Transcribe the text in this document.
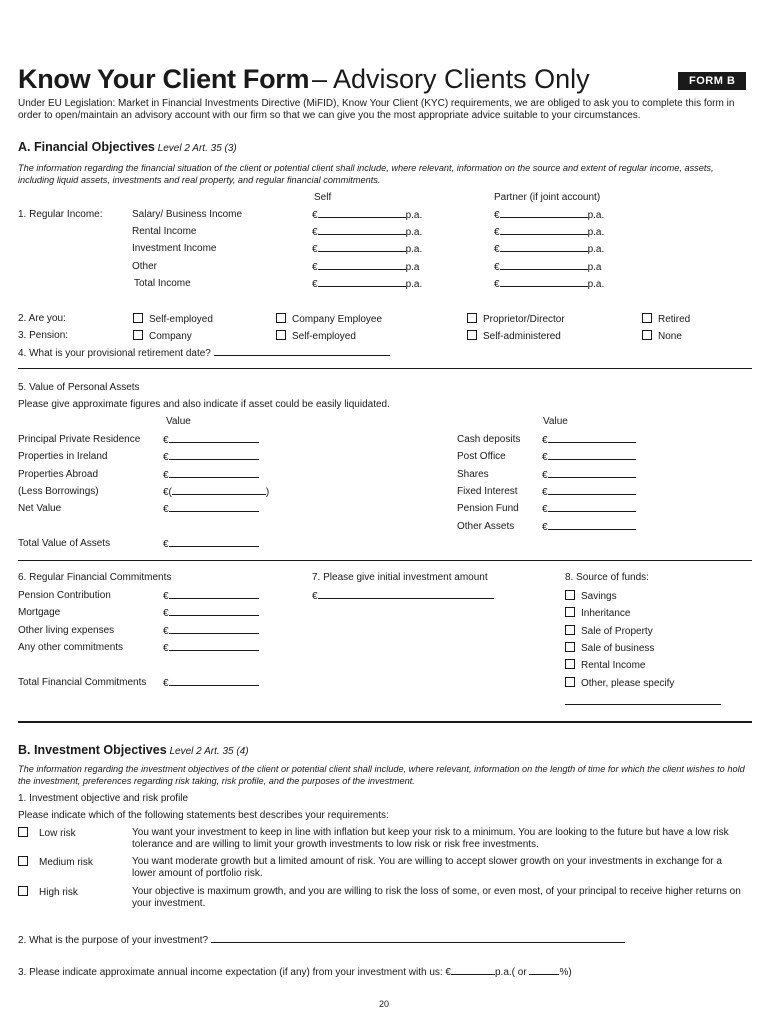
Know Your Client Form – Advisory Clients Only	FORM B
Under EU Legislation: Market in Financial Investments Directive (MiFID), Know Your Client (KYC) requirements, we are obliged to ask you to complete this form in order to open/maintain an advisory account with our firm so that we can give you the most appropriate advice suitable to your circumstances.
A. Financial Objectives Level 2 Art. 35 (3)
The information regarding the financial situation of the client or potential client shall include, where relevant, information on the source and extent of regular income, assets, including liquid assets, investments and real property, and regular financial commitments.
Self	Partner (if joint account)
1. Regular Income:	Salary/ Business Income	€	p.a.	€	p.a.
Rental Income	€	p.a.	€	p.a.
Investment Income	€	p.a.	€	p.a.
Other	€	p.a	€	p.a
Total Income	€	p.a.	€	p.a.
2. Are you:
3. Pension:
Self-employed	Company Employee	Proprietor/Director	Retired
Company	Self-employed	Self-administered	None
4. What is your provisional retirement date?
5. Value of Personal Assets
Please give approximate figures and also indicate if asset could be easily liquidated.
Value	Value
Principal Private Residence €
Properties in Ireland	€
Properties Abroad	€
(Less Borrowings)	€(	)
Net Value	€
Cash deposits €
Post Office	€
Shares	€
Fixed Interest €
Pension Fund €
Other Assets	€
Total Value of Assets	€
6. Regular Financial Commitments	7. Please give initial investment amount	8. Source of funds:
€
Pension Contribution	€
Mortgage	€
Other living expenses	€
Any other commitments	€
Savings
Inheritance
Sale of Property
Sale of business
Rental Income
Other, please specify
Total Financial Commitments €
B. Investment Objectives Level 2 Art. 35 (4)
The information regarding the investment objectives of the client or potential client shall include, where relevant, information on the length of time for which the client wishes to hold the investment, preferences regarding risk taking, risk profile, and the purposes of the investment.
1. Investment objective and risk profile
Please indicate which of the following statements best describes your requirements:
Low risk	You want your investment to keep in line with inflation but keep your risk to a minimum. You are looking to the future but have a low risk tolerance and are willing to limit your growth investments to low risk or risk free investments.
Medium risk	You want moderate growth but a limited amount of risk. You are willing to accept slower growth on your investments in exchange for a lower amount of portfolio risk.
High risk	Your objective is maximum growth, and you are willing to risk the loss of some, or even most, of your principal to receive higher returns on your investment.
2. What is the purpose of your investment?
3. Please indicate approximate annual income expectation (if any) from your investment with us: €	p.a.( or	%)
20
